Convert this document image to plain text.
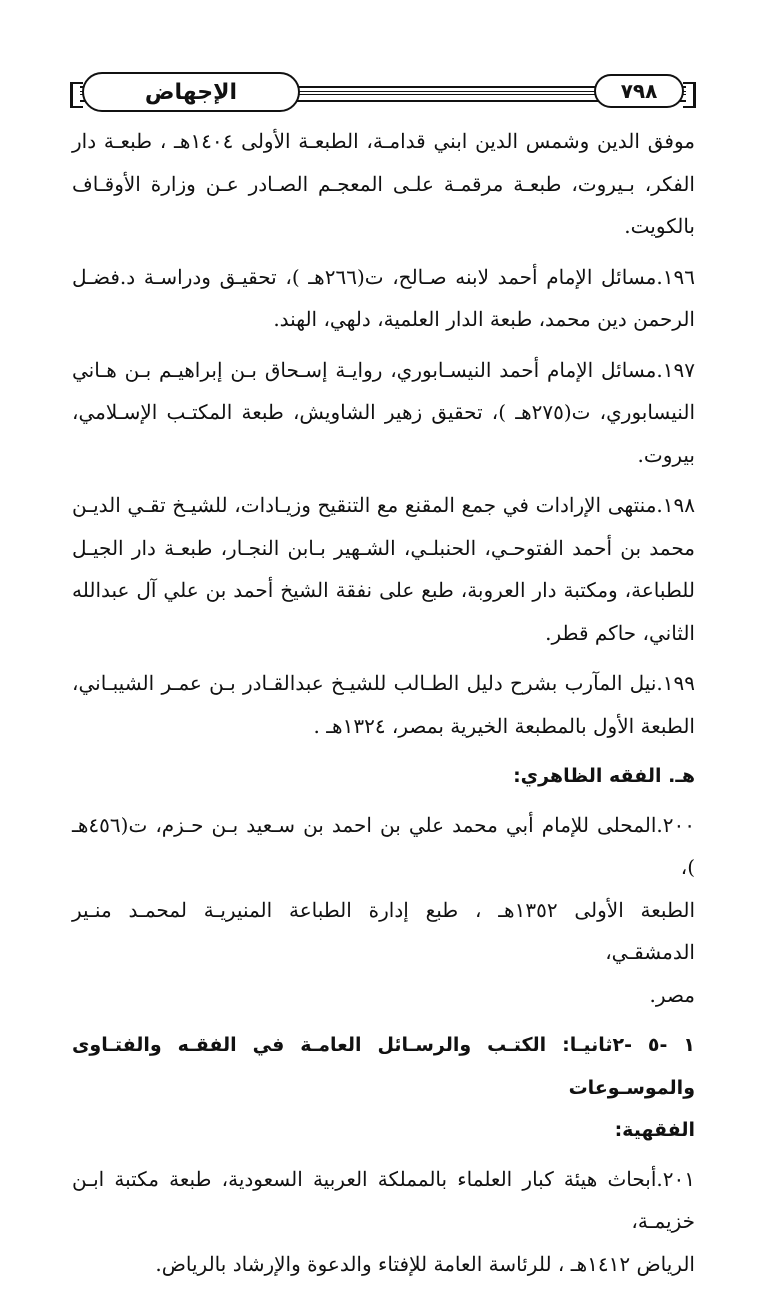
الإجهاض	٧٩٨
موفق الدين وشمس الدين ابني قدامـة، الطبعـة الأولى ١٤٠٤هـ ، طبعـة دار
الفكر، بـيروت، طبعـة مرقمـة علـى المعجـم الصـادر عـن وزارة الأوقـاف
بالكويت.
١٩٦.مسائل الإمام أحمد لابنه صـالح، ت(٢٦٦هـ )، تحقيـق ودراسـة د.فضـل
الرحمن دين محمد، طبعة الدار العلمية، دلهي، الهند.
١٩٧.مسائل الإمام أحمد النيسـابوري، روايـة إسـحاق بـن إبراهيـم بـن هـاني
النيسابوري، ت(٢٧٥هـ )، تحقيق زهير الشاويش، طبعة المكتـب الإسـلامي،
بيروت.
١٩٨.منتهى الإرادات في جمع المقنع مع التنقيح وزيـادات، للشيـخ تقـي الديـن
محمد بن أحمد الفتوحـي، الحنبلـي، الشـهير بـابن النجـار، طبعـة دار الجيـل
للطباعة، ومكتبة دار العروبة، طبع على نفقة الشيخ أحمد بن علي آل عبدالله
الثاني، حاكم قطر.
١٩٩.نيل المآرب بشرح دليل الطـالب للشيـخ عبدالقـادر بـن عمـر الشيبـاني،
الطبعة الأول بالمطبعة الخيرية بمصر، ١٣٢٤هـ .
هـ. الفقه الظاهري:
٢٠٠.المحلى للإمام أبي محمد علي بن احمد بن سـعيد بـن حـزم، ت(٤٥٦هـ )،
الطبعة الأولى ١٣٥٢هـ ، طبع إدارة الطباعة المنيريـة لمحمـد منـير الدمشقـي،
مصر.
١ -٥ -٢ثانيـا: الكتـب والرسـائل العامـة في الفقـه والفتـاوى والموسـوعات
الفقهية:
٢٠١.أبحاث هيئة كبار العلماء بالمملكة العربية السعودية، طبعة مكتبة ابـن خزيمـة،
الرياض ١٤١٢هـ ، للرئاسة العامة للإفتاء والدعوة والإرشاد بالرياض.
